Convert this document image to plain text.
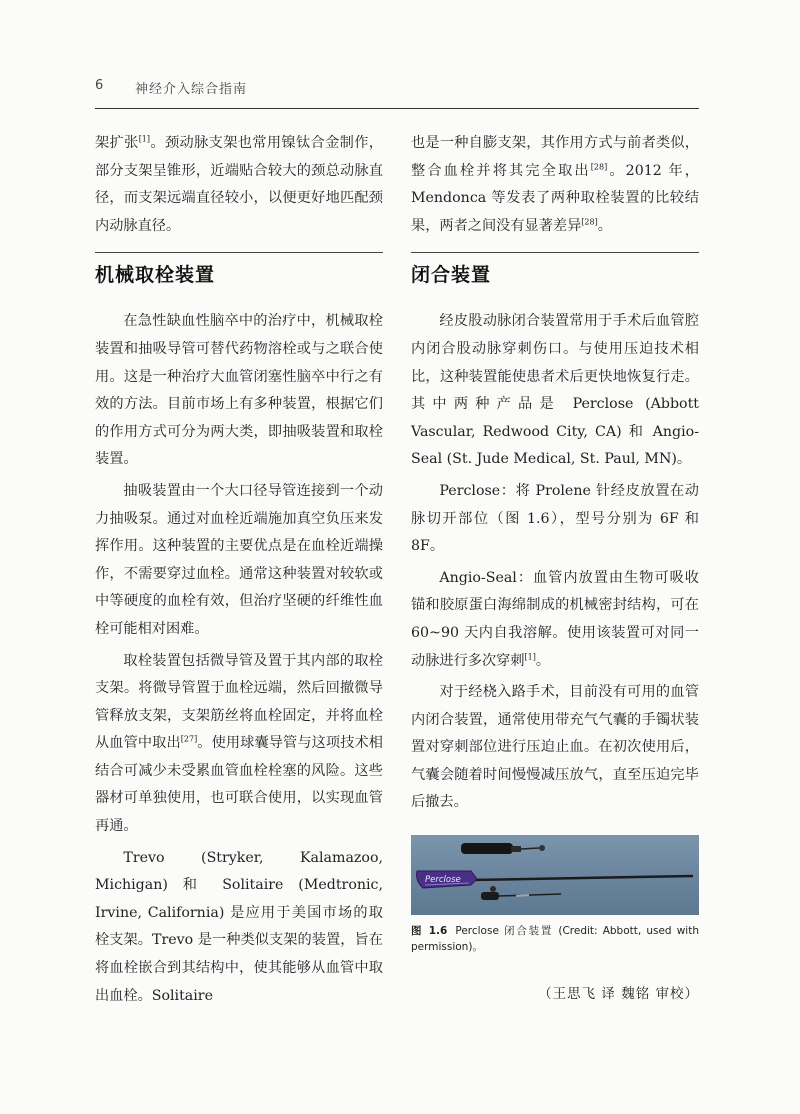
6 神经介入综合指南

架扩张[1]。颈动脉支架也常用镍钛合金制作，部分支架呈锥形，近端贴合较大的颈总动脉直径，而支架远端直径较小，以便更好地匹配颈内动脉直径。

机械取栓装置

在急性缺血性脑卒中的治疗中，机械取栓装置和抽吸导管可替代药物溶栓或与之联合使用。这是一种治疗大血管闭塞性脑卒中行之有效的方法。目前市场上有多种装置，根据它们的作用方式可分为两大类，即抽吸装置和取栓装置。

抽吸装置由一个大口径导管连接到一个动力抽吸泵。通过对血栓近端施加真空负压来发挥作用。这种装置的主要优点是在血栓近端操作，不需要穿过血栓。通常这种装置对较软或中等硬度的血栓有效，但治疗坚硬的纤维性血栓可能相对困难。

取栓装置包括微导管及置于其内部的取栓支架。将微导管置于血栓远端，然后回撤微导管释放支架，支架筋丝将血栓固定，并将血栓从血管中取出[27]。使用球囊导管与这项技术相结合可减少未受累血管血栓栓塞的风险。这些器材可单独使用，也可联合使用，以实现血管再通。

Trevo (Stryker, Kalamazoo, Michigan) 和 Solitaire (Medtronic, Irvine, California) 是应用于美国市场的取栓支架。Trevo 是一种类似支架的装置，旨在将血栓嵌合到其结构中，使其能够从血管中取出血栓。Solitaire

也是一种自膨支架，其作用方式与前者类似，整合血栓并将其完全取出[28]。2012 年，Mendonca 等发表了两种取栓装置的比较结果，两者之间没有显著差异[28]。

闭合装置

经皮股动脉闭合装置常用于手术后血管腔内闭合股动脉穿刺伤口。与使用压迫技术相比，这种装置能使患者术后更快地恢复行走。其中两种产品是 Perclose (Abbott Vascular, Redwood City, CA) 和 Angio-Seal (St. Jude Medical, St. Paul, MN)。

Perclose：将 Prolene 针经皮放置在动脉切开部位（图 1.6），型号分别为 6F 和 8F。

Angio-Seal：血管内放置由生物可吸收锚和胶原蛋白海绵制成的机械密封结构，可在 60~90 天内自我溶解。使用该装置可对同一动脉进行多次穿刺[1]。

对于经桡入路手术，目前没有可用的血管内闭合装置，通常使用带充气气囊的手镯状装置对穿刺部位进行压迫止血。在初次使用后，气囊会随着时间慢慢减压放气，直至压迫完毕后撤去。

Perclose
图 1.6 Perclose 闭合装置 (Credit: Abbott, used with permission)。
（王思飞 译 魏铭 审校）
